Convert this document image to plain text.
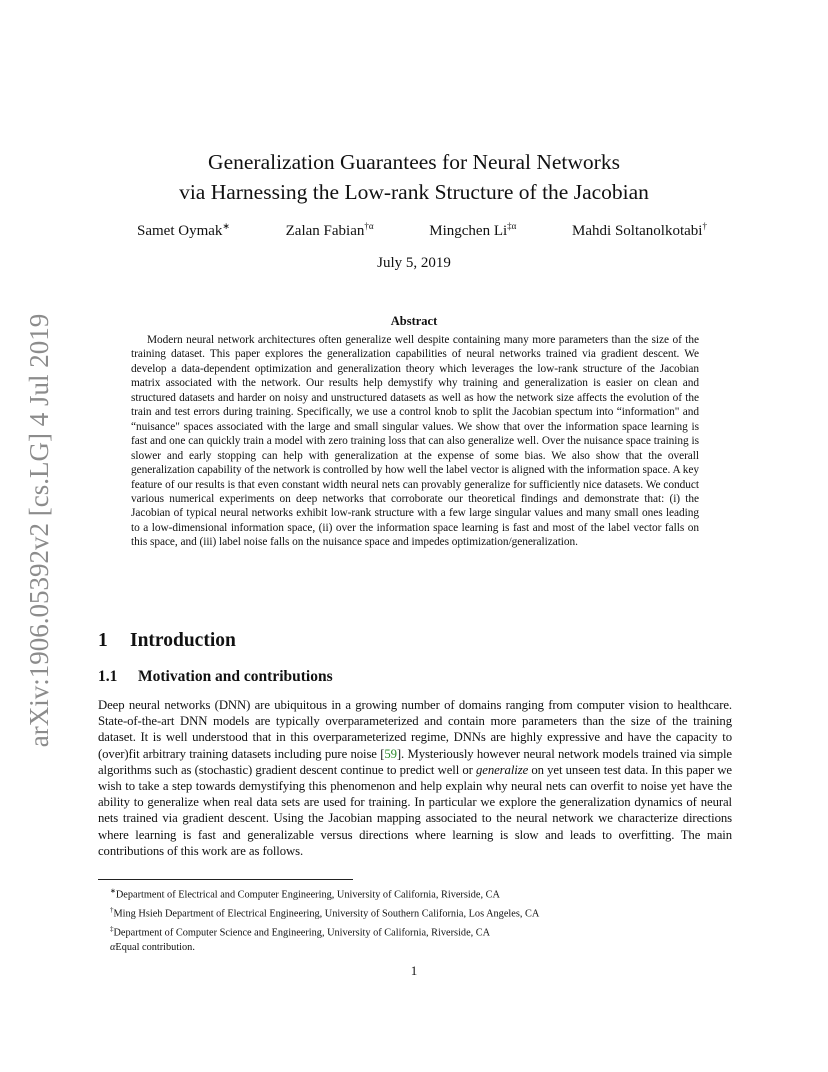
arXiv:1906.05392v2 [cs.LG] 4 Jul 2019
Generalization Guarantees for Neural Networks
via Harnessing the Low-rank Structure of the Jacobian
Samet Oymak∗	Zalan Fabian$^{\dagger\alpha}$	Mingchen $Li^{\ddagger\alpha}$	Mahdi Soltanolkotabi†
July 5, 2019
Abstract

Modern neural network architectures often generalize well despite containing many more parameters than the size of the training dataset. This paper explores the generalization capabilities of neural networks trained via gradient descent. We develop a data-dependent optimization and generalization theory which leverages the low-rank structure of the Jacobian matrix associated with the network. Our results help demystify why training and generalization is easier on clean and structured datasets and harder on noisy and unstructured datasets as well as how the network size affects the evolution of the train and test errors during training. Specifically, we use a control knob to split the Jacobian spectum into “information" and “nuisance" spaces associated with the large and small singular values. We show that over the information space learning is fast and one can quickly train a model with zero training loss that can also generalize well. Over the nuisance space training is slower and early stopping can help with generalization at the expense of some bias. We also show that the overall generalization capability of the network is controlled by how well the label vector is aligned with the information space. A key feature of our results is that even constant width neural nets can provably generalize for sufficiently nice datasets. We conduct various numerical experiments on deep networks that corroborate our theoretical findings and demonstrate that: (i) the Jacobian of typical neural networks exhibit low-rank structure with a few large singular values and many small ones leading to a low-dimensional information space, (ii) over the information space learning is fast and most of the label vector falls on this space, and (iii) label noise falls on the nuisance space and impedes optimization/generalization.

1 Introduction
1.1 Motivation and contributions

Deep neural networks (DNN) are ubiquitous in a growing number of domains ranging from computer vision to healthcare. State-of-the-art DNN models are typically overparameterized and contain more parameters than the size of the training dataset. It is well understood that in this overparameterized regime, DNNs are highly expressive and have the capacity to (over)fit arbitrary training datasets including pure noise [59]. Mysteriously however neural network models trained via simple algorithms such as (stochastic) gradient descent continue to predict well or generalize on yet unseen test data. In this paper we wish to take a step towards demystifying this phenomenon and help explain why neural nets can overfit to noise yet have the ability to generalize when real data sets are used for training. In particular we explore the generalization dynamics of neural nets trained via gradient descent. Using the Jacobian mapping associated to the neural network we characterize directions where learning is fast and generalizable versus directions where learning is slow and leads to overfitting. The main contributions of this work are as follows.

∗Department of Electrical and Computer Engineering, University of California, Riverside, CA
†Ming Hsieh Department of Electrical Engineering, University of Southern California, Los Angeles, CA
‡Department of Computer Science and Engineering, University of California, Riverside, CA
αEqual contribution.
1
